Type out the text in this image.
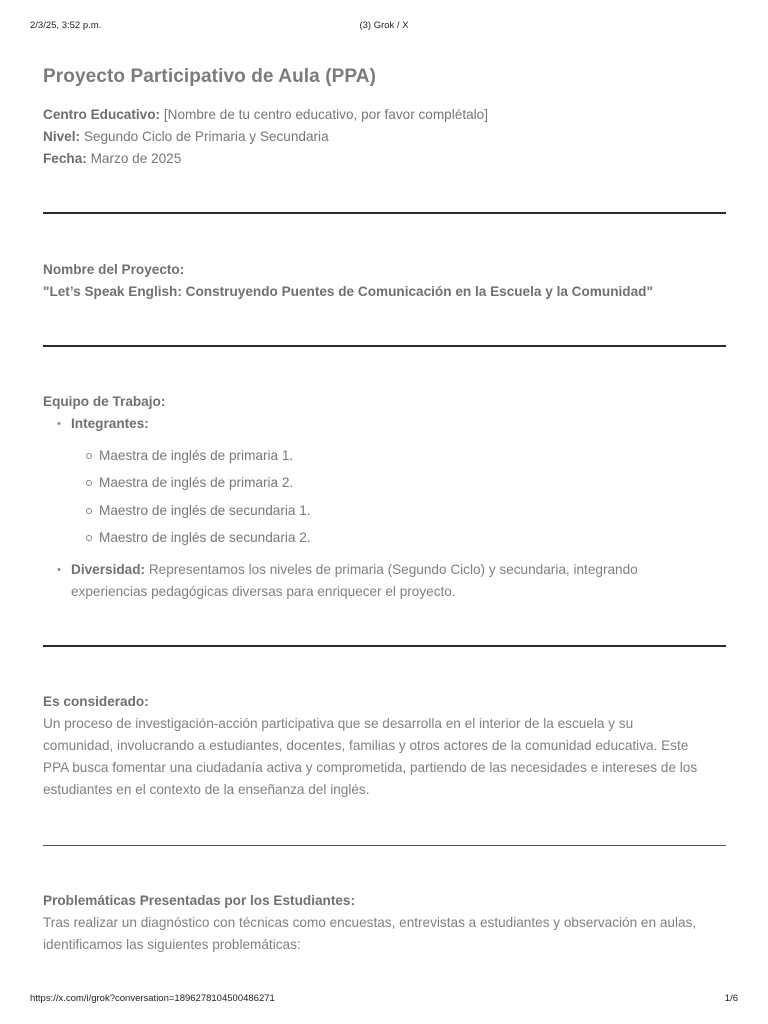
2/3/25, 3:52 p.m.	(3) Grok / X
Proyecto Participativo de Aula (PPA)
Centro Educativo: [Nombre de tu centro educativo, por favor complétalo]
Nivel: Segundo Ciclo de Primaria y Secundaria
Fecha: Marzo de 2025
Nombre del Proyecto:
"Let’s Speak English: Construyendo Puentes de Comunicación en la Escuela y la Comunidad"
Equipo de Trabajo:
• Integrantes:
Maestra de inglés de primaria 1.
Maestra de inglés de primaria 2.
Maestro de inglés de secundaria 1.
Maestro de inglés de secundaria 2.
• Diversidad: Representamos los niveles de primaria (Segundo Ciclo) y secundaria, integrando
experiencias pedagógicas diversas para enriquecer el proyecto.
Es considerado:
Un proceso de investigación-acción participativa que se desarrolla en el interior de la escuela y su
comunidad, involucrando a estudiantes, docentes, familias y otros actores de la comunidad educativa. Este
PPA busca fomentar una ciudadanía activa y comprometida, partiendo de las necesidades e intereses de los
estudiantes en el contexto de la enseñanza del inglés.
Problemáticas Presentadas por los Estudiantes:
Tras realizar un diagnóstico con técnicas como encuestas, entrevistas a estudiantes y observación en aulas,
identificamos las siguientes problemáticas:
https://x.com/i/grok?conversation=1896278104500486271	1/6
